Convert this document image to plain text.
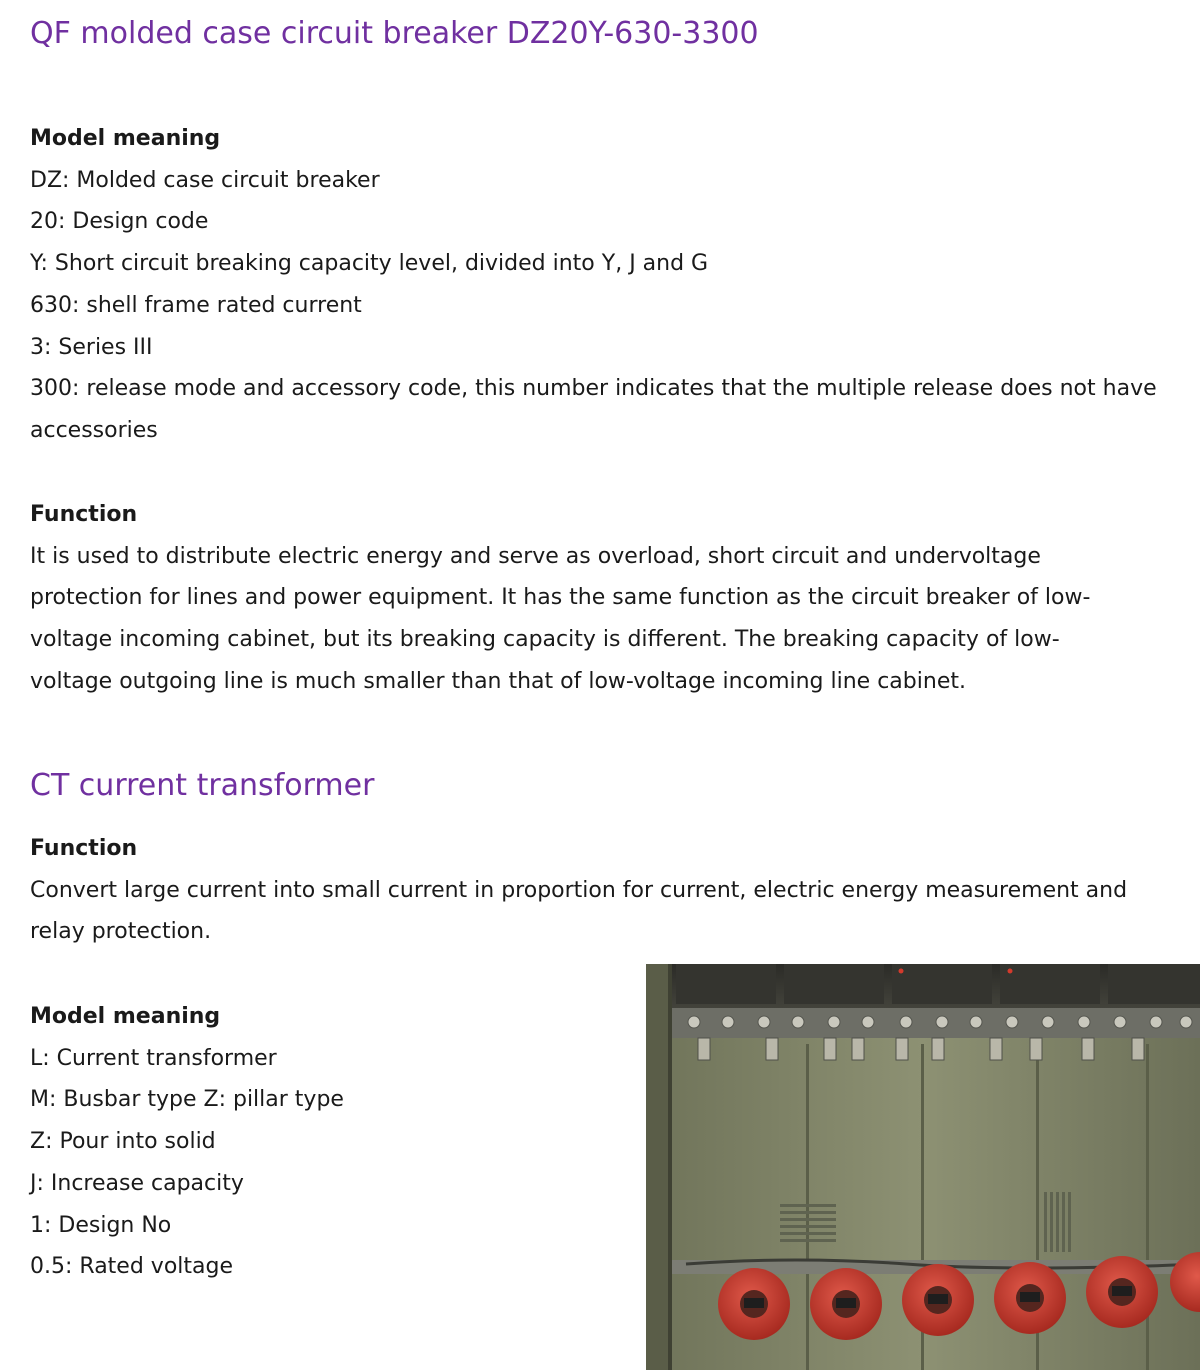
QF molded case circuit breaker DZ20Y-630-3300
Model meaning
DZ: Molded case circuit breaker
20: Design code
Y: Short circuit breaking capacity level, divided into Y, J and G
630: shell frame rated current
3: Series III
300: release mode and accessory code, this number indicates that the multiple release does not have accessories
Function
It is used to distribute electric energy and serve as overload, short circuit and undervoltage protection for lines and power equipment. It has the same function as the circuit breaker of low-voltage incoming cabinet, but its breaking capacity is different. The breaking capacity of low-voltage outgoing line is much smaller than that of low-voltage incoming line cabinet.
CT current transformer
Function
Convert large current into small current in proportion for current, electric energy measurement and relay protection.
Model meaning
L: Current transformer
M: Busbar type Z: pillar type
Z: Pour into solid
J: Increase capacity
1: Design No
0.5: Rated voltage
